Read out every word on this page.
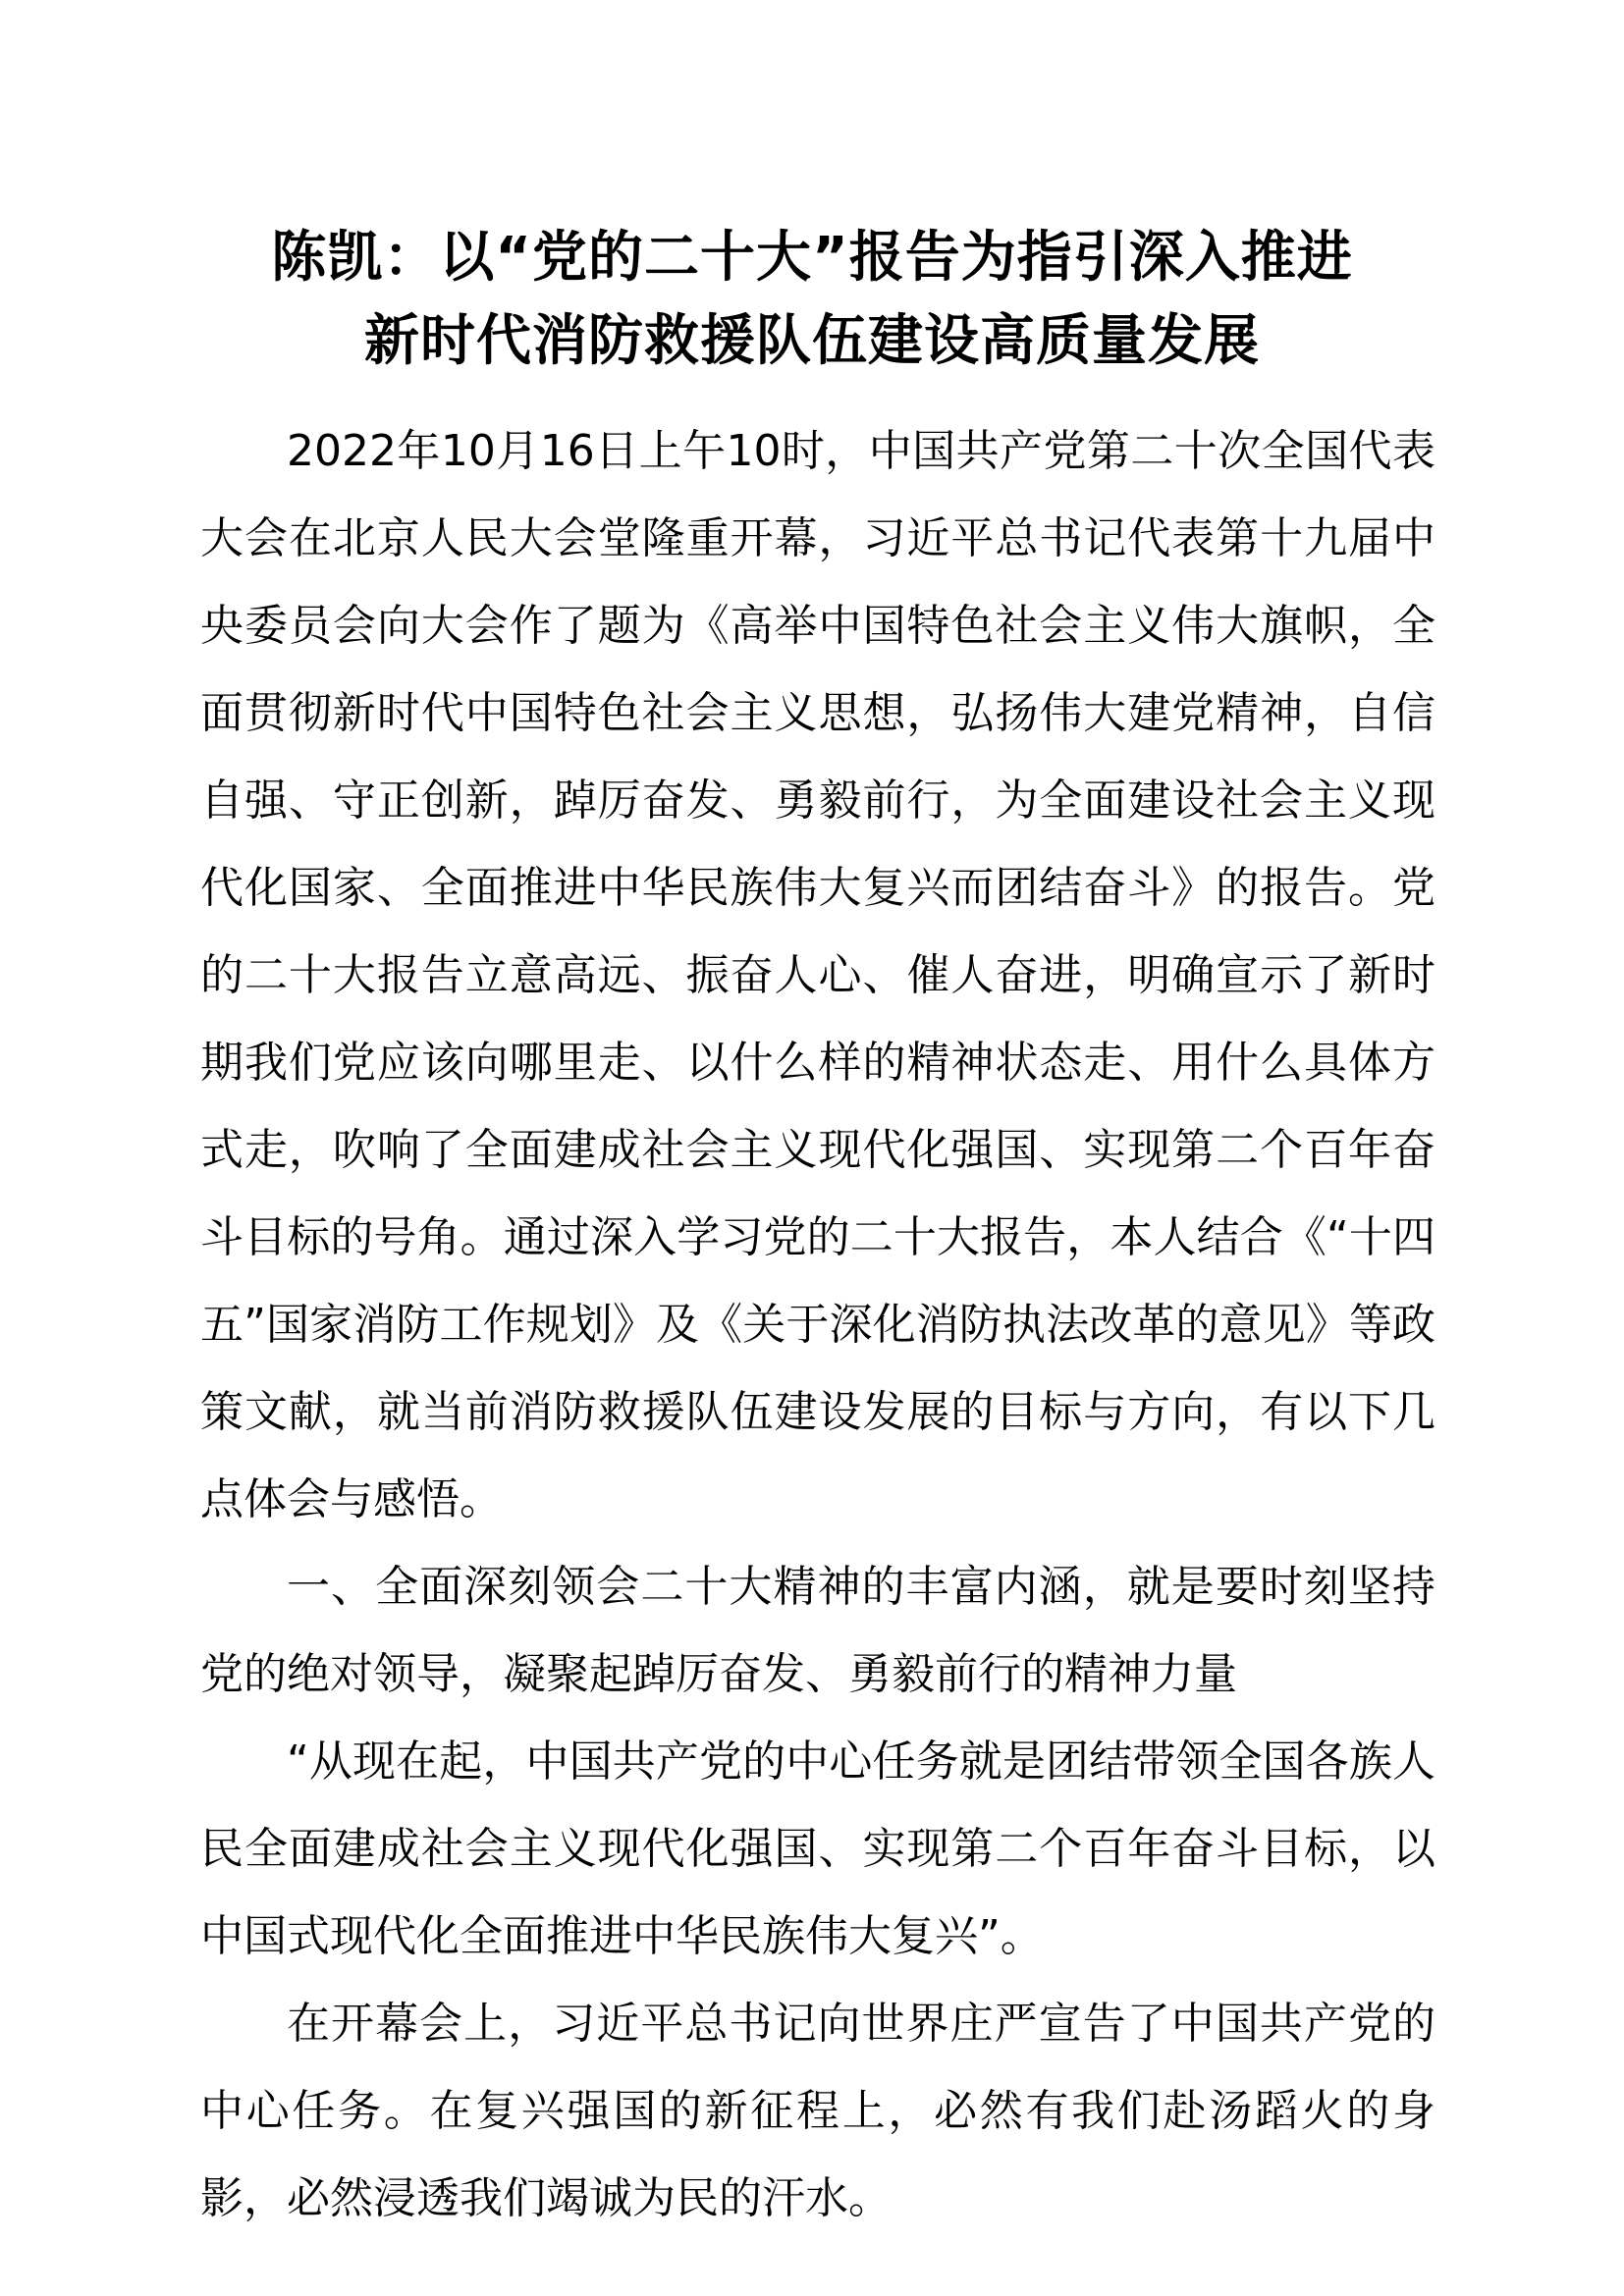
陈凯：以“党的二十大”报告为指引深入推进
新时代消防救援队伍建设高质量发展

2022年10月16日上午10时，中国共产党第二十次全国代表大会在北京人民大会堂隆重开幕，习近平总书记代表第十九届中央委员会向大会作了题为《高举中国特色社会主义伟大旗帜，全面贯彻新时代中国特色社会主义思想，弘扬伟大建党精神，自信自强、守正创新，踔厉奋发、勇毅前行，为全面建设社会主义现代化国家、全面推进中华民族伟大复兴而团结奋斗》的报告。党的二十大报告立意高远、振奋人心、催人奋进，明确宣示了新时期我们党应该向哪里走、以什么样的精神状态走、用什么具体方式走，吹响了全面建成社会主义现代化强国、实现第二个百年奋斗目标的号角。通过深入学习党的二十大报告，本人结合《“十四五”国家消防工作规划》及《关于深化消防执法改革的意见》等政策文献，就当前消防救援队伍建设发展的目标与方向，有以下几点体会与感悟。

一、全面深刻领会二十大精神的丰富内涵，就是要时刻坚持党的绝对领导，凝聚起踔厉奋发、勇毅前行的精神力量

“从现在起，中国共产党的中心任务就是团结带领全国各族人民全面建成社会主义现代化强国、实现第二个百年奋斗目标，以中国式现代化全面推进中华民族伟大复兴”。

在开幕会上，习近平总书记向世界庄严宣告了中国共产党的中心任务。在复兴强国的新征程上，必然有我们赴汤蹈火的身影，必然浸透我们竭诚为民的汗水。
